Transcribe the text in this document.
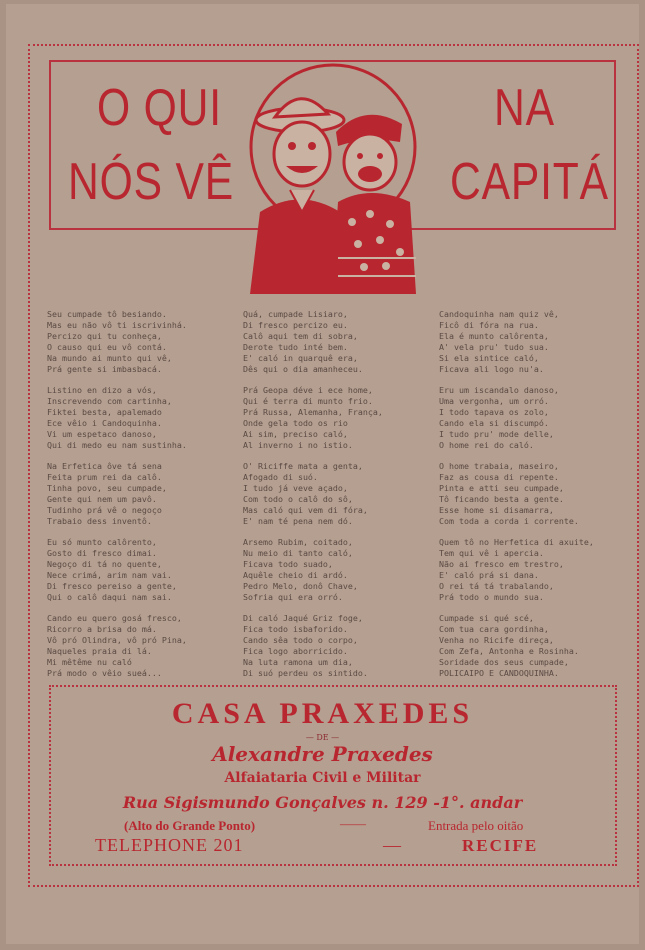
O QUI
NÓS VÊ
NA
CAPITÁ
Seu cumpade tô besiando.
Mas eu não vô ti iscrivinhá.
Percizo qui tu conheça,
O causo qui eu vô contá.
Na mundo ai munto qui vê,
Prá gente si imbasbacá.
Listino en dizo a vós,
Inscrevendo com cartinha,
Fiktei besta, apalemado
Ece vêio i Candoquinha.
Vi um espetaco danoso,
Qui di medo eu nam sustinha.
Na Erfetica ôve tá sena
Feita prum rei da calô.
Tinha povo, seu cumpade,
Gente qui nem um pavô.
Tudinho prá vê o negoço
Trabaio dess inventô.
Eu só munto calôrento,
Gosto di fresco dimai.
Negoço di tá no quente,
Nece crimá, arim nam vai.
Di fresco pereiso a gente,
Qui o calô daqui nam sai.
Cando eu quero gosá fresco,
Ricorro a brisa do má.
Vô pró Olindra, vô pró Pina,
Naqueles praia di lá.
Mi mêtême nu caló
Prá modo o vêio sueá...
Quá, cumpade Lisiaro,
Di fresco percizo eu.
Calô aqui tem di sobra,
Derote tudo inté bem.
E' caló in quarquê era,
Dês qui o dia amanheceu.
Prá Geopa déve i ece home,
Qui é terra di munto frio.
Prá Russa, Alemanha, França,
Onde gela todo os rio
Ai sim, preciso caló,
Al inverno i no istio.
O' Riciffe mata a genta,
Afogado di suó.
I tudo já veve açado,
Com todo o calô do sô,
Mas caló qui vem di fóra,
E' nam té pena nem dó.
Arsemo Rubim, coitado,
Nu meio di tanto caló,
Ficava todo suado,
Aquêle cheio di ardó.
Pedro Melo, donô Chave,
Sofria qui era orró.
Di caló Jaqué Griz foge,
Fica todo isbaforido.
Cando sêa todo o corpo,
Fica logo aborricido.
Na luta ramona um dia,
Di suó perdeu os sintido.
Candoquinha nam quiz vê,
Ficô di fóra na rua.
Ela é munto calôrenta,
A' vela pru' tudo sua.
Si ela sintice caló,
Ficava ali logo nu'a.
Eru um iscandalo danoso,
Uma vergonha, um orró.
I todo tapava os zolo,
Cando ela si discumpó.
I tudo pru' mode delle,
O home rei do caló.
O home trabaia, maseiro,
Faz as cousa di repente.
Pinta e atti seu cumpade,
Tô ficando besta a gente.
Esse home si disamarra,
Com toda a corda i corrente.
Quem tô no Herfetica di axuite,
Tem qui vê i apercia.
Não ai fresco em trestro,
E' caló prá si dana.
O rei tá tá trabalando,
Prá todo o mundo sua.
Cumpade si qué scé,
Com tua cara gordinha,
Venha no Ricife direça,
Com Zefa, Antonha e Rosinha.
Soridade dos seus cumpade,
POLICAIPO E CANDOQUINHA.
CASA PRAXEDES
— DE —
Alexandre Praxedes
Alfaiataria Civil e Militar
Rua Sigismundo Gonçalves n. 129 -1°. andar
(Alto do Grande Ponto)	——	Entrada pelo oitão
TELEPHONE 201	—	RECIFE
